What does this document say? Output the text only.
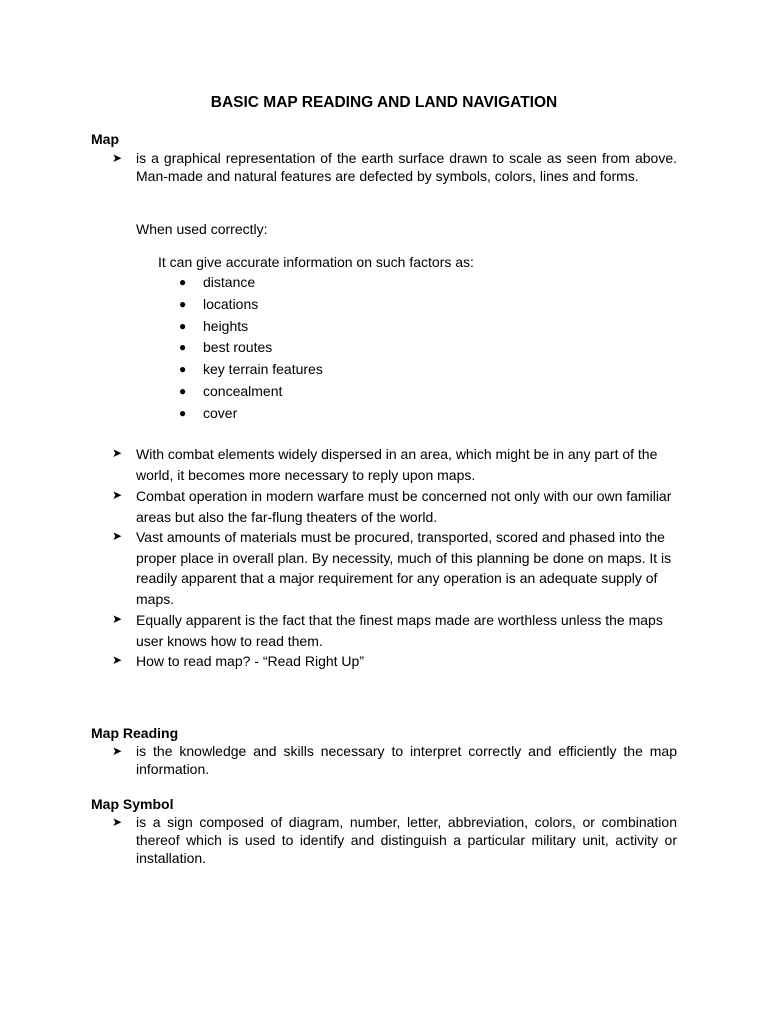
BASIC MAP READING AND LAND NAVIGATION
Map
➤ is a graphical representation of the earth surface drawn to scale as seen from above. Man-made and natural features are defected by symbols, colors, lines and forms.
When used correctly:
It can give accurate information on such factors as:
● distance
● locations
● heights
● best routes
● key terrain features
● concealment
● cover
➤ With combat elements widely dispersed in an area, which might be in any part of the world, it becomes more necessary to reply upon maps.
➤ Combat operation in modern warfare must be concerned not only with our own familiar areas but also the far-flung theaters of the world.
➤ Vast amounts of materials must be procured, transported, scored and phased into the proper place in overall plan. By necessity, much of this planning be done on maps. It is readily apparent that a major requirement for any operation is an adequate supply of maps.
➤ Equally apparent is the fact that the finest maps made are worthless unless the maps user knows how to read them.
➤ How to read map? - “Read Right Up”
Map Reading
➤ is the knowledge and skills necessary to interpret correctly and efficiently the map information.
Map Symbol
➤ is a sign composed of diagram, number, letter, abbreviation, colors, or combination thereof which is used to identify and distinguish a particular military unit, activity or installation.
